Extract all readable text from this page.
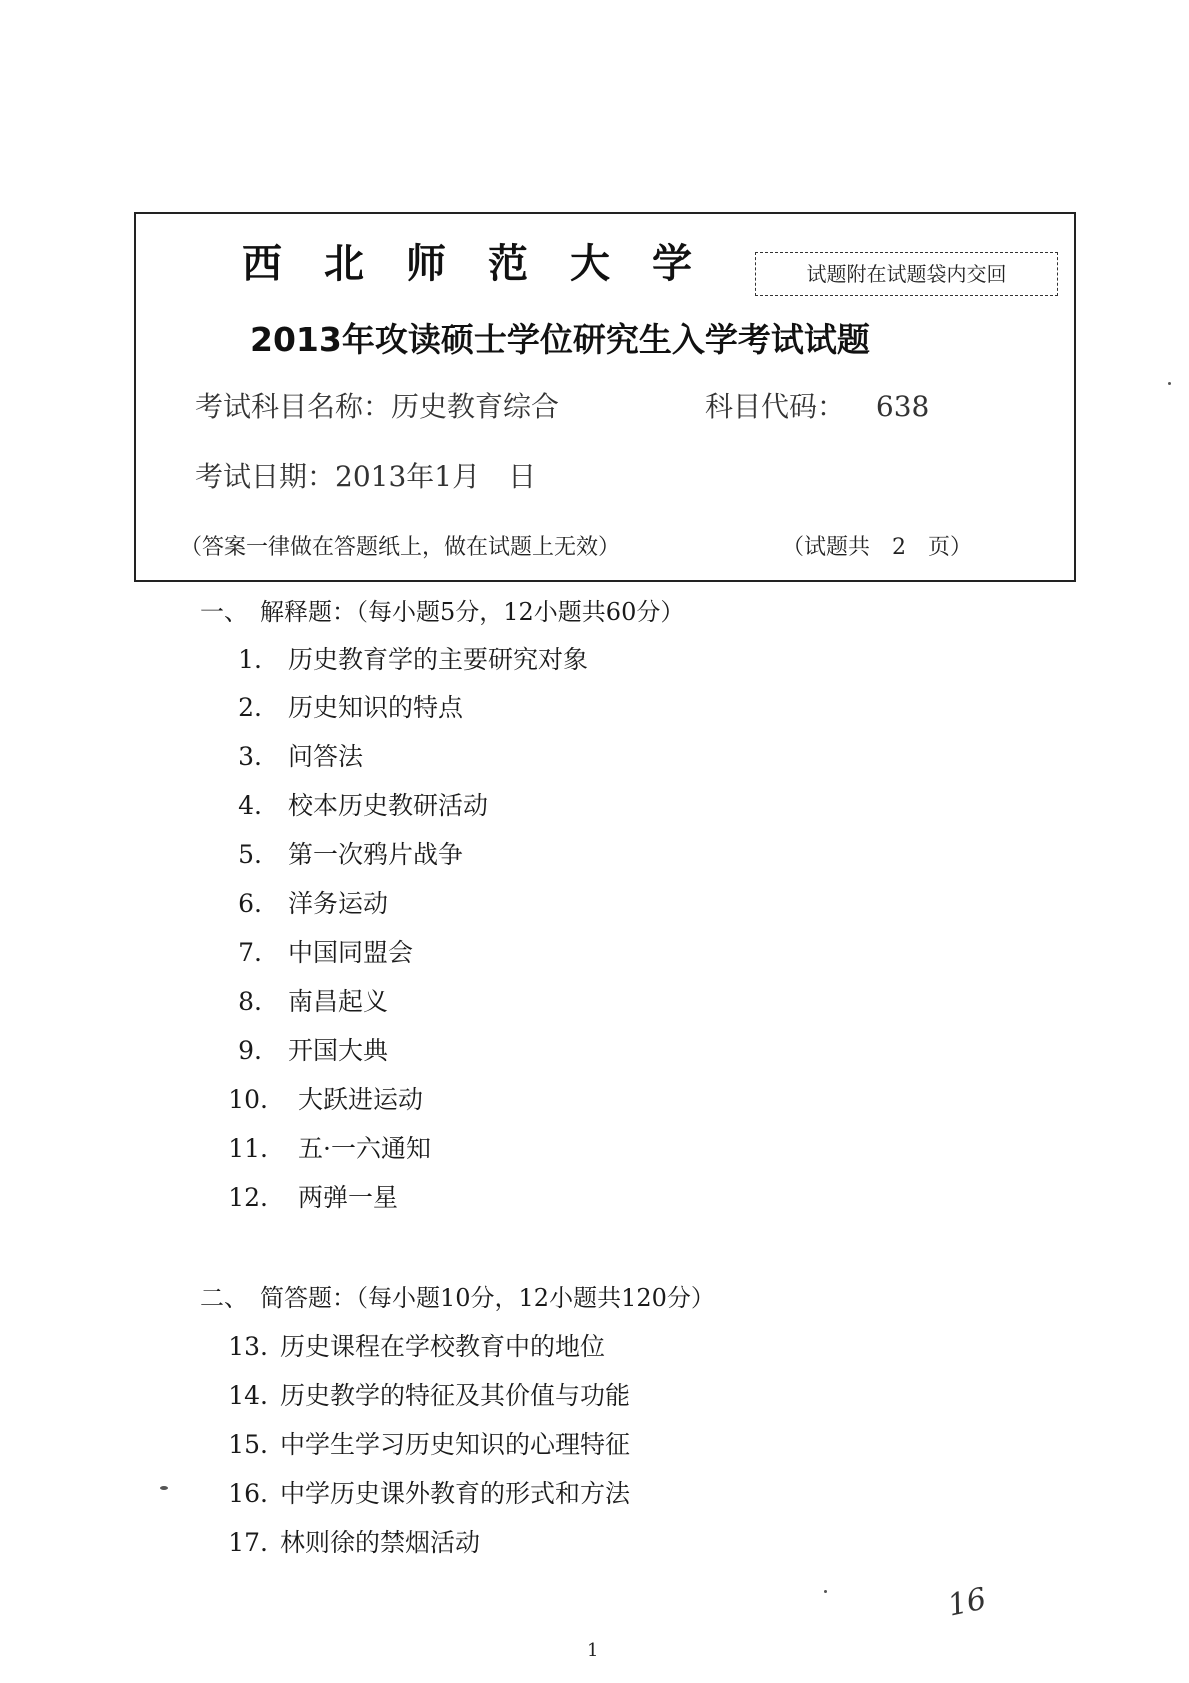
西北师范大学	试题附在试题袋内交回
2013年攻读硕士学位研究生入学考试试题
考试科目名称：历史教育综合	科目代码： 638
考试日期：2013年1月　日
（答案一律做在答题纸上，做在试题上无效）	（试题共　2　页）
一、　解释题：（每小题5分，12小题共60分）
1. 历史教育学的主要研究对象
2. 历史知识的特点
3. 问答法
4. 校本历史教研活动
5. 第一次鸦片战争
6. 洋务运动
7. 中国同盟会
8. 南昌起义
9. 开国大典
10. 大跃进运动
11. 五·一六通知
12. 两弹一星
二、　简答题：（每小题10分，12小题共120分）
13. 历史课程在学校教育中的地位
14. 历史教学的特征及其价值与功能
15. 中学生学习历史知识的心理特征
16. 中学历史课外教育的形式和方法
17. 林则徐的禁烟活动
1
16
